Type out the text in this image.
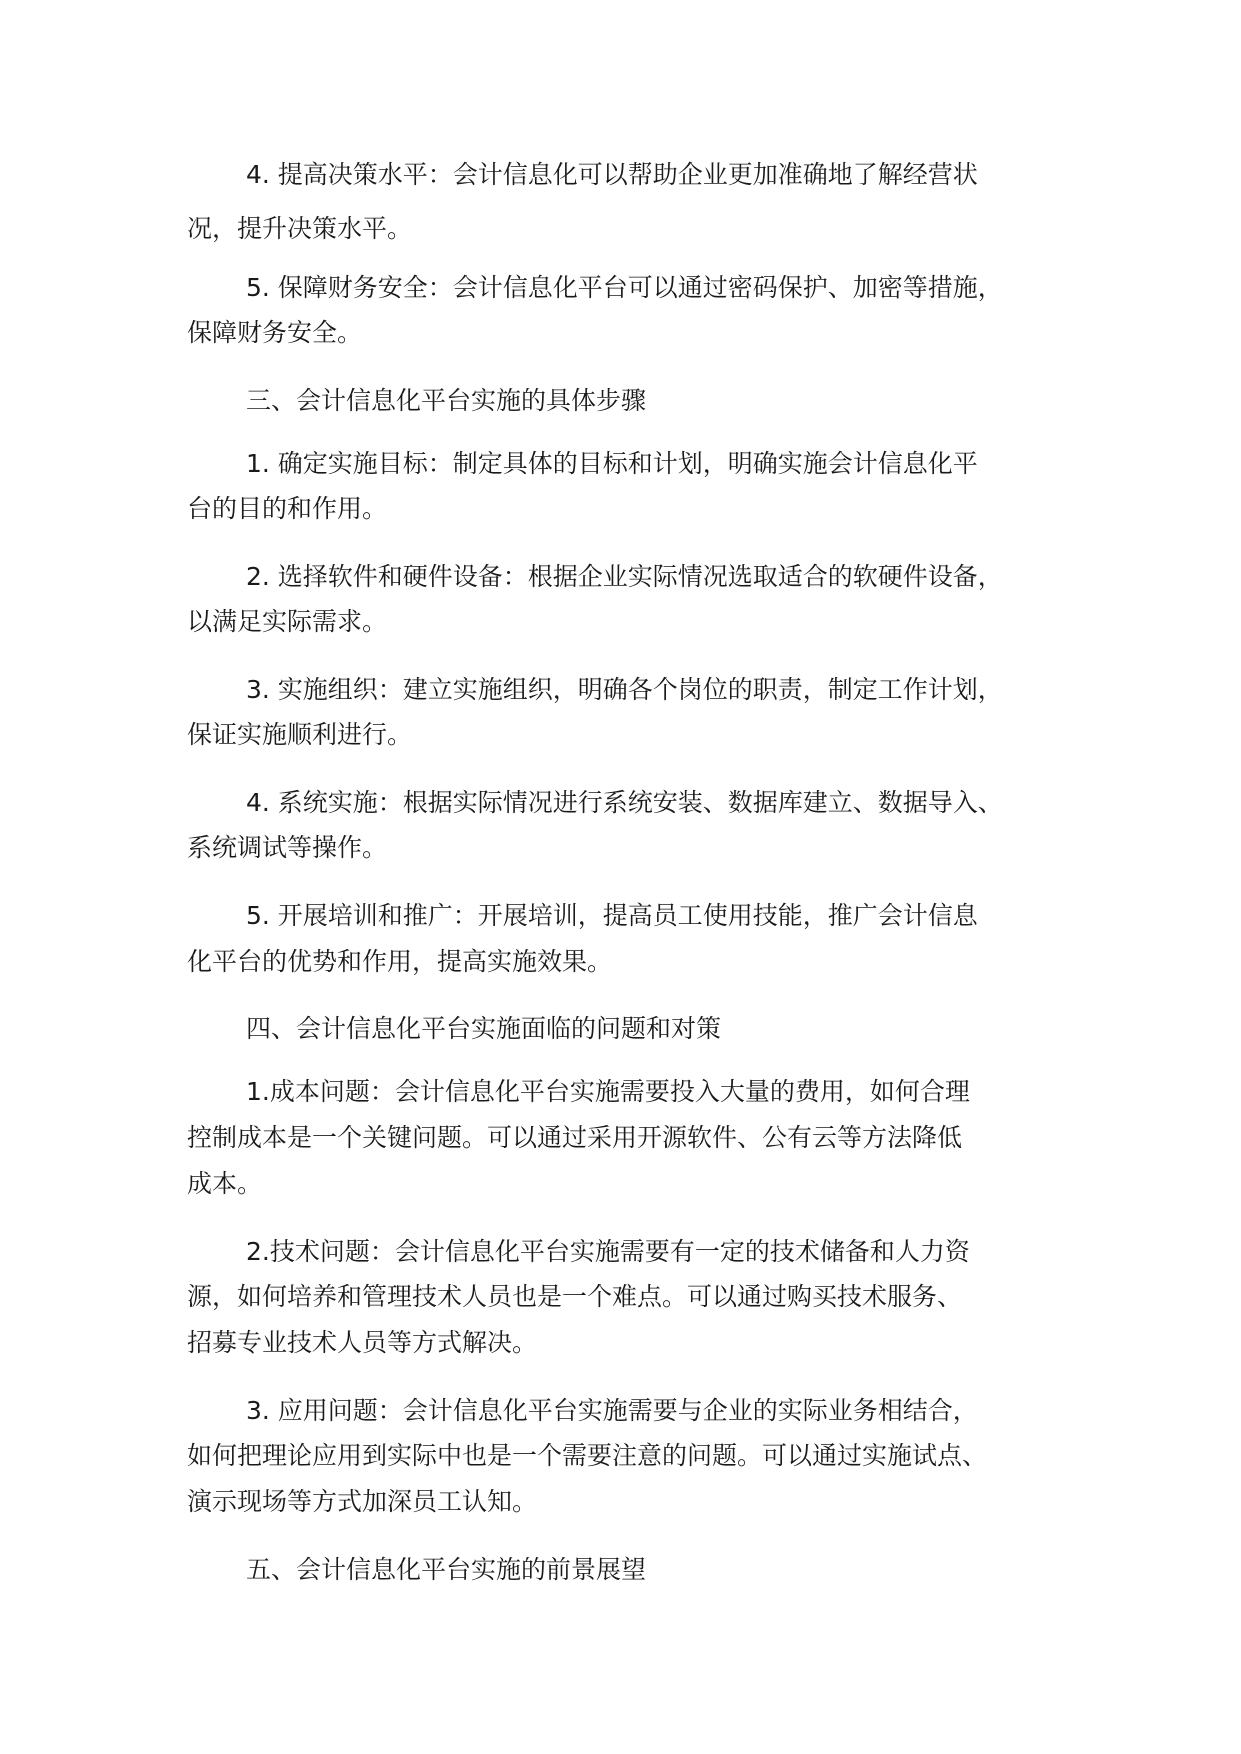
4. 提高决策水平：会计信息化可以帮助企业更加准确地了解经营状

况，提升决策水平。

5. 保障财务安全：会计信息化平台可以通过密码保护、加密等措施，

保障财务安全。

三、会计信息化平台实施的具体步骤

1. 确定实施目标：制定具体的目标和计划，明确实施会计信息化平

台的目的和作用。

2. 选择软件和硬件设备：根据企业实际情况选取适合的软硬件设备，

以满足实际需求。

3. 实施组织：建立实施组织，明确各个岗位的职责，制定工作计划，

保证实施顺利进行。

4. 系统实施：根据实际情况进行系统安装、数据库建立、数据导入、

系统调试等操作。

5. 开展培训和推广：开展培训，提高员工使用技能，推广会计信息

化平台的优势和作用，提高实施效果。

四、会计信息化平台实施面临的问题和对策

1.成本问题：会计信息化平台实施需要投入大量的费用，如何合理

控制成本是一个关键问题。可以通过采用开源软件、公有云等方法降低

成本。

2.技术问题：会计信息化平台实施需要有一定的技术储备和人力资

源，如何培养和管理技术人员也是一个难点。可以通过购买技术服务、

招募专业技术人员等方式解决。

3. 应用问题：会计信息化平台实施需要与企业的实际业务相结合，

如何把理论应用到实际中也是一个需要注意的问题。可以通过实施试点、

演示现场等方式加深员工认知。

五、会计信息化平台实施的前景展望
